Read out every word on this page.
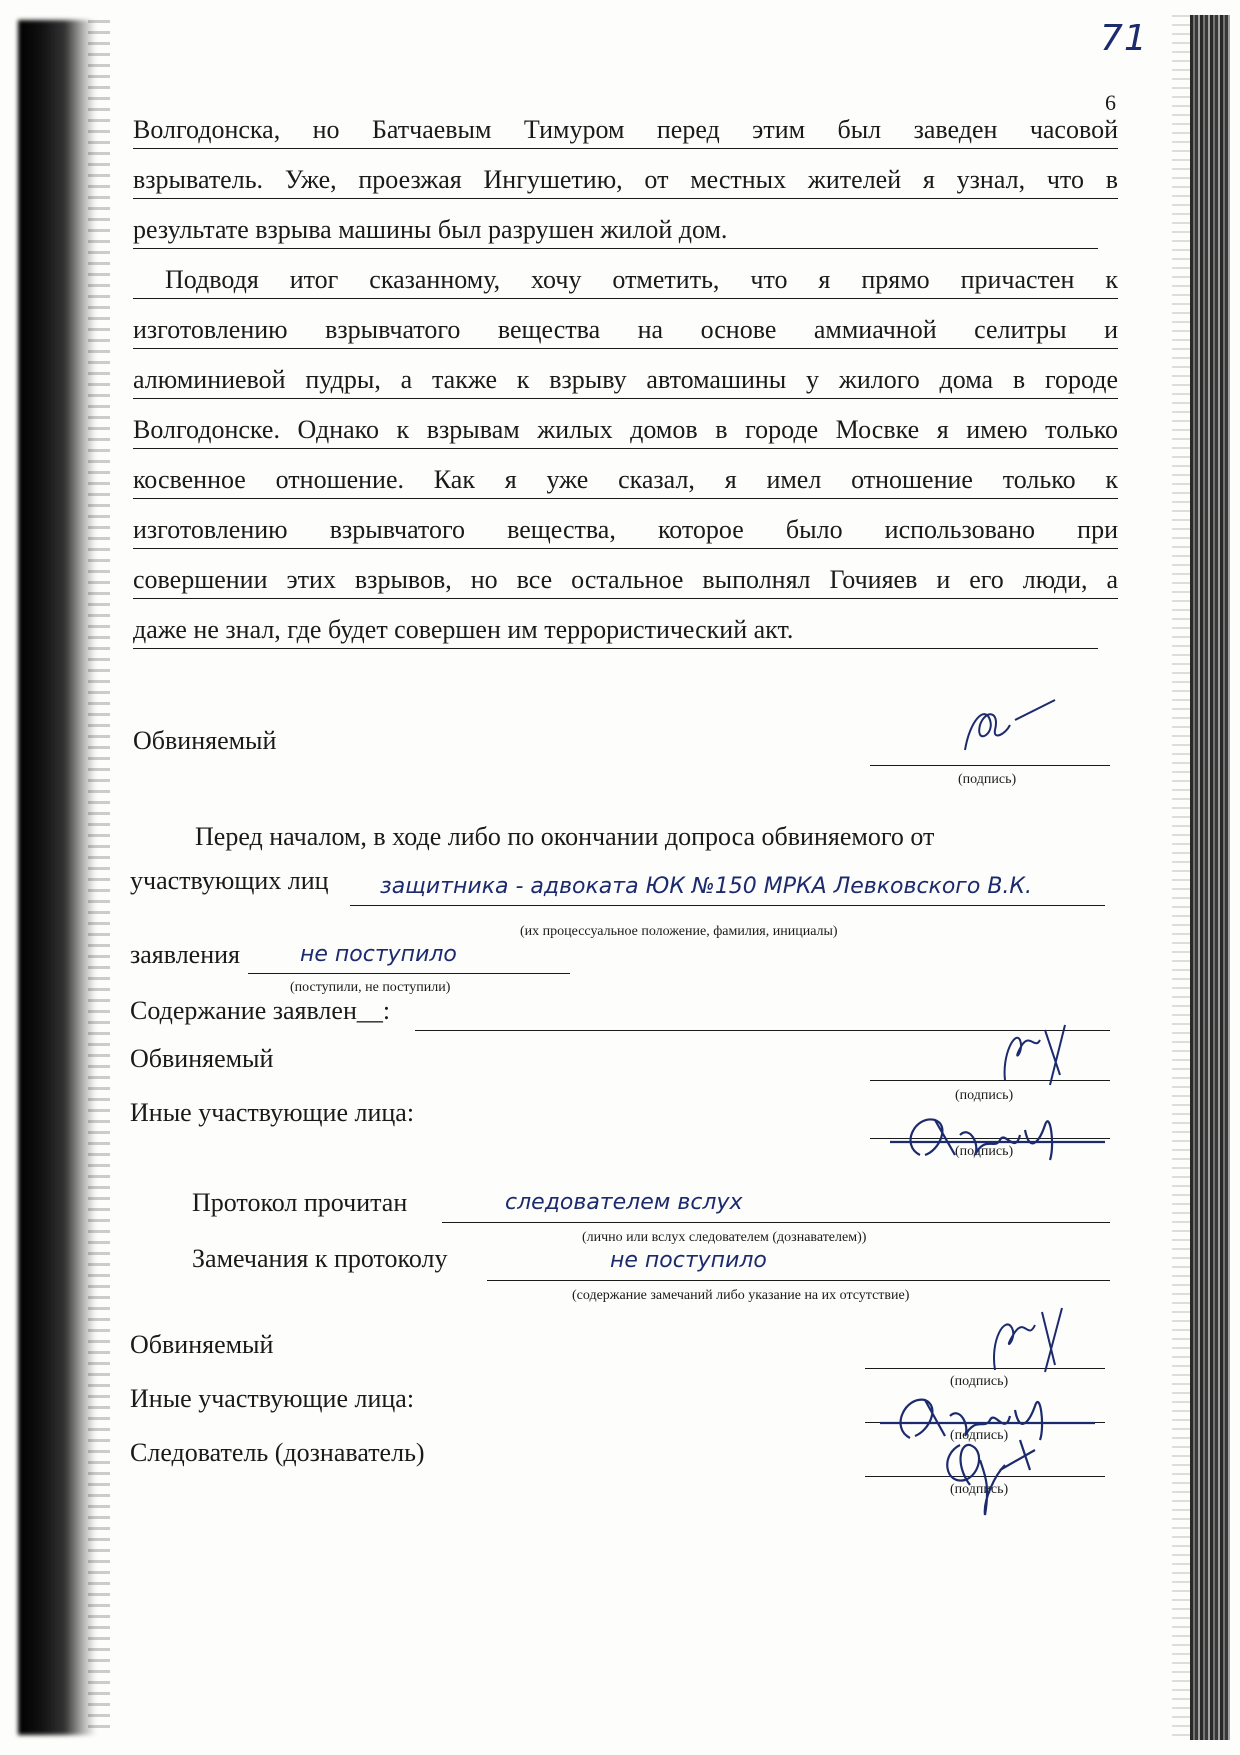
71
6
Волгодонска, но Батчаевым Тимуром перед этим был заведен часовой
взрыватель. Уже, проезжая Ингушетию, от местных жителей я узнал, что в
результате взрыва машины был разрушен жилой дом.
Подводя итог сказанному, хочу отметить, что я прямо причастен к
изготовлению взрывчатого вещества на основе аммиачной селитры и
алюминиевой пудры, а также к взрыву автомашины у жилого дома в городе
Волгодонске. Однако к взрывам жилых домов в городе Мосвке я имею только
косвенное отношение. Как я уже сказал, я имел отношение только к
изготовлению взрывчатого вещества, которое было использовано при
совершении этих взрывов, но все остальное выполнял Гочияев и его люди, а
даже не знал, где будет совершен им террористический акт.
Обвиняемый
(подпись)
Перед началом, в ходе либо по окончании допроса обвиняемого от
участвующих лиц защитника - адвоката ЮК №150 МРКА Левковского В.К.
(их процессуальное положение, фамилия, инициалы)
заявления	не поступило
(поступили, не поступили)
Содержание заявлен__:
Обвиняемый
(подпись)
Иные участвующие лица:
(подпись)
Протокол прочитан	следователем вслух
(лично или вслух следователем (дознавателем))
Замечания к протоколу	не поступило
(содержание замечаний либо указание на их отсутствие)
Обвиняемый
(подпись)
Иные участвующие лица:
(подпись)
Следователь (дознаватель)
(подпись)
